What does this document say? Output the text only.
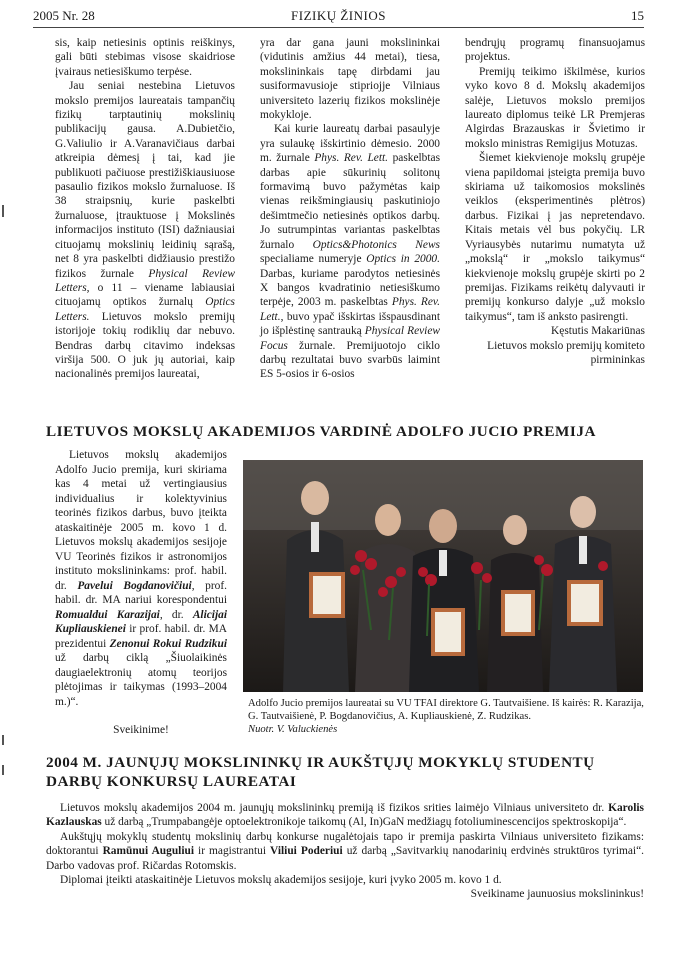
2005 Nr. 28	FIZIKŲ ŽINIOS	15

sis, kaip netiesinis optinis reiškinys, gali būti stebimas visose skaidriose įvairaus netiesiškumo terpėse.

Jau seniai nestebina Lietuvos mokslo premijos laureatais tampančių fizikų tarptautinių mokslinių publikacijų gausa. A.Dubietčio, G.Valiulio ir A.Varanavičiaus darbai atkreipia dėmesį į tai, kad jie publikuoti pačiuose prestižiškiausiuose pasaulio fizikos mokslo žurnaluose. Iš 38 straipsnių, kurie paskelbti žurnaluose, įtrauktuose į Mokslinės informacijos instituto (ISI) dažniausiai cituojamų mokslinių leidinių sąrašą, net 8 yra paskelbti didžiausio prestižo fizikos žurnale Physical Review Letters, o 11 – viename labiausiai cituojamų optikos žurnalų Optics Letters. Lietuvos mokslo premijų istorijoje tokių rodiklių dar nebuvo. Bendras darbų citavimo indeksas viršija 500. O juk jų autoriai, kaip nacionalinės premijos laureatai,

yra dar gana jauni mokslininkai (vidutinis amžius 44 metai), tiesa, mokslininkais tapę dirbdami jau susiformavusioje stipriojje Vilniaus universiteto lazerių fizikos mokslinėje mokykloje.

Kai kurie laureatų darbai pasaulyje yra sulaukę išskirtinio dėmesio. 2000 m. žurnale Phys. Rev. Lett. paskelbtas darbas apie sūkurinių solitonų formavimą buvo pažymėtas kaip vienas reikšmingiausių paskutiniojo dešimtmečio netiesinės optikos darbų. Jo sutrumpintas variantas paskelbtas žurnalo Optics&Photonics News specialiame numeryje Optics in 2000. Darbas, kuriame parodytos netiesinės X bangos kvadratinio netiesiškumo terpėje, 2003 m. paskelbtas Phys. Rev. Lett., buvo ypač išskirtas išspausdinant jo išplėstinę santrauką Physical Review Focus žurnale. Premijuotojo ciklo darbų rezultatai buvo svarbūs laimint ES 5-osios ir 6-osios

bendrųjų programų finansuojamus projektus.

Premijų teikimo iškilmėse, kurios vyko kovo 8 d. Mokslų akademijos salėje, Lietuvos mokslo premijos laureato diplomus teikė LR Premjeras Algirdas Brazauskas ir Švietimo ir mokslo ministras Remigijus Motuzas.

Šiemet kiekvienoje mokslų grupėje viena papildomai įsteigta premija buvo skiriama už taikomosios mokslinės veiklos (eksperimentinės plėtros) darbus. Fizikai į jas nepretendavo. Kitais metais vėl bus pokyčių. LR Vyriausybės nutarimu numatyta už „mokslą“ ir „mokslo taikymus“ kiekvienoje mokslų grupėje skirti po 2 premijas. Fizikams reikėtų dalyvauti ir premijų konkurso dalyje „už mokslo taikymus“, tam iš anksto pasirengti.

Kęstutis Makariūnas
Lietuvos mokslo premijų komiteto
pirmininkas
LIETUVOS MOKSLŲ AKADEMIJOS VARDINĖ ADOLFO JUCIO PREMIJA

Lietuvos mokslų akademijos Adolfo Jucio premija, kuri skiriama kas 4 metai už vertingiausius individualius ir kolektyvinius teorinės fizikos darbus, buvo įteikta ataskaitinėje 2005 m. kovo 1 d. Lietuvos mokslų akademijos sesijoje VU Teorinės fizikos ir astronomijos instituto mokslininkams: prof. habil. dr. Pavelui Bogdanovičiui, prof. habil. dr. MA nariui korespondentui Romualdui Karazijai, dr. Alicijai Kupliauskienei ir prof. habil. dr. MA prezidentui Zenonui Rokui Rudzikui už darbų ciklą „Šiuolaikinės daugiaelektronių atomų teorijos plėtojimas ir taikymas (1993–2004 m.)“.

Sveikinime!

Adolfo Jucio premijos laureatai su VU TFAI direktore G. Tautvaišiene. Iš kairės: R. Karazija, G. Tautvaišienė, P. Bogdanovičius, A. Kupliauskienė, Z. Rudzikas.
Nuotr. V. Valuckienės
2004 M. JAUNŲJŲ MOKSLININKŲ IR AUKŠTŲJŲ MOKYKLŲ STUDENTŲ DARBŲ KONKURSŲ LAUREATAI

Lietuvos mokslų akademijos 2004 m. jaunųjų mokslininkų premiją iš fizikos srities laimėjo Vilniaus universiteto dr. Karolis Kazlauskas už darbą „Trumpabangėje optoelektronikoje taikomų (Al, In)GaN medžiagų fotoliuminescencijos spektroskopija“.

Aukštųjų mokyklų studentų mokslinių darbų konkurse nugalėtojais tapo ir premija paskirta Vilniaus universiteto fizikams: doktorantui Ramūnui Auguliui ir magistrantui Viliui Poderiui už darbą „Savitvarkių nanodarinių erdvinės struktūros tyrimai“. Darbo vadovas prof. Ričardas Rotomskis.

Diplomai įteikti ataskaitinėje Lietuvos mokslų akademijos sesijoje, kuri įvyko 2005 m. kovo 1 d.

Sveikiname jaunuosius mokslininkus!
